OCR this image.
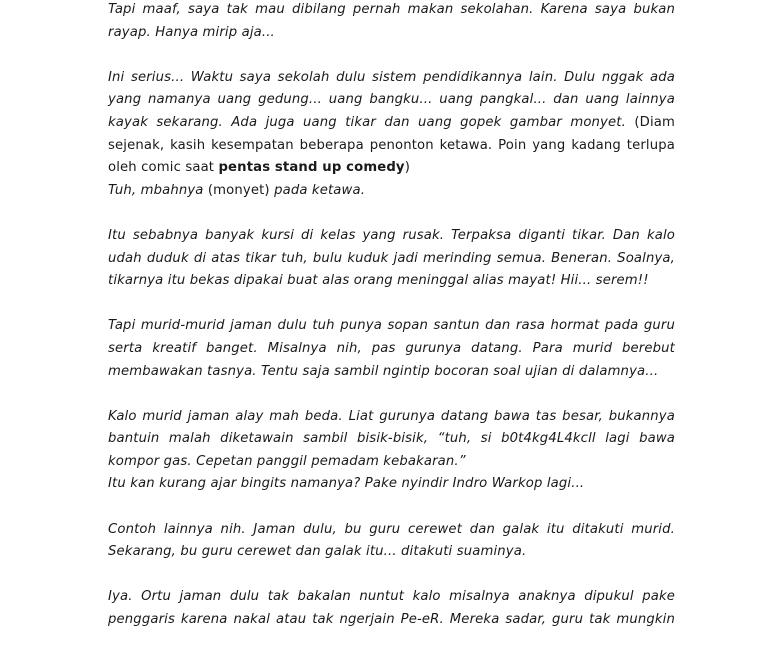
Tapi maaf, saya tak mau dibilang pernah makan sekolahan. Karena saya bukan rayap. Hanya mirip aja...

Ini serius... Waktu saya sekolah dulu sistem pendidikannya lain. Dulu nggak ada yang namanya uang gedung... uang bangku... uang pangkal... dan uang lainnya kayak sekarang. Ada juga uang tikar dan uang gopek gambar monyet. (Diam sejenak, kasih kesempatan beberapa penonton ketawa. Poin yang kadang terlupa oleh comic saat pentas stand up comedy)
Tuh, mbahnya (monyet) pada ketawa.

Itu sebabnya banyak kursi di kelas yang rusak. Terpaksa diganti tikar. Dan kalo udah duduk di atas tikar tuh, bulu kuduk jadi merinding semua. Beneran. Soalnya, tikarnya itu bekas dipakai buat alas orang meninggal alias mayat! Hii... serem!!

Tapi murid-murid jaman dulu tuh punya sopan santun dan rasa hormat pada guru serta kreatif banget. Misalnya nih, pas gurunya datang. Para murid berebut membawakan tasnya. Tentu saja sambil ngintip bocoran soal ujian di dalamnya...

Kalo murid jaman alay mah beda. Liat gurunya datang bawa tas besar, bukannya bantuin malah diketawain sambil bisik-bisik, “tuh, si b0t4kg4L4kcll lagi bawa kompor gas. Cepetan panggil pemadam kebakaran.”
Itu kan kurang ajar bingits namanya? Pake nyindir Indro Warkop lagi...

Contoh lainnya nih. Jaman dulu, bu guru cerewet dan galak itu ditakuti murid. Sekarang, bu guru cerewet dan galak itu... ditakuti suaminya.

Iya. Ortu jaman dulu tak bakalan nuntut kalo misalnya anaknya dipukul pake penggaris karena nakal atau tak ngerjain Pe-eR. Mereka sadar, guru tak mungkin
